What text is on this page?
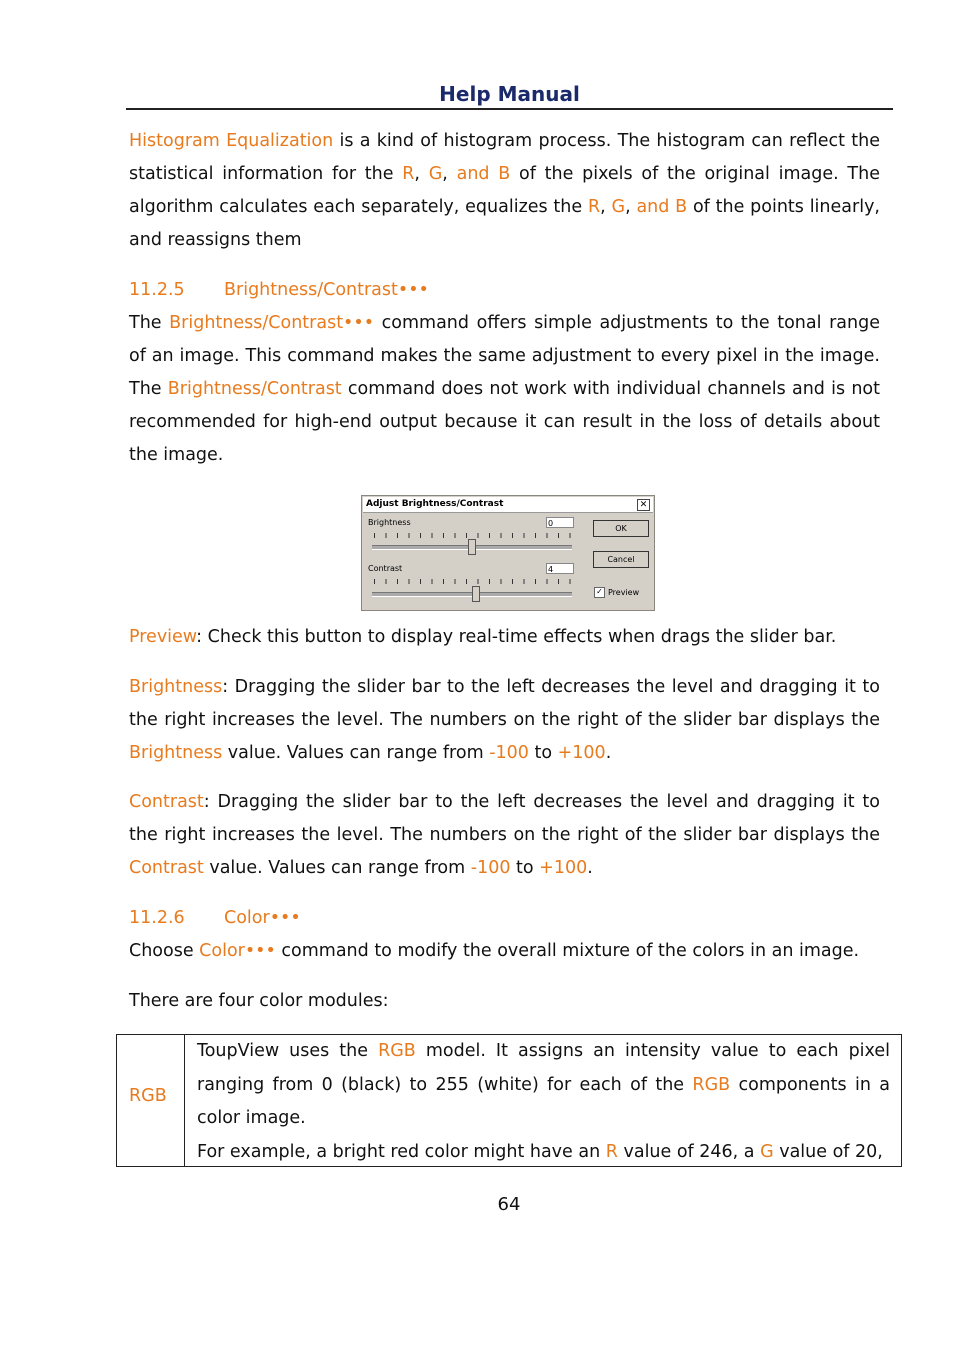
Help Manual

Histogram Equalization is a kind of histogram process. The histogram can reflect the statistical information for the R, G, and B of the pixels of the original image. The algorithm calculates each separately, equalizes the R, G, and B of the points linearly, and reassigns them

11.2.5 Brightness/Contrast•••

The Brightness/Contrast••• command offers simple adjustments to the tonal range of an image. This command makes the same adjustment to every pixel in the image. The Brightness/Contrast command does not work with individual channels and is not recommended for high-end output because it can result in the loss of details about the image.

Adjust Brightness/Contrast	✕
Brightness	0
Contrast	4
OK
Cancel
✓ Preview

Preview: Check this button to display real-time effects when drags the slider bar.

Brightness: Dragging the slider bar to the left decreases the level and dragging it to the right increases the level. The numbers on the right of the slider bar displays the Brightness value. Values can range from -100 to +100.

Contrast: Dragging the slider bar to the left decreases the level and dragging it to the right increases the level. The numbers on the right of the slider bar displays the Contrast value. Values can range from -100 to +100.

11.2.6 Color•••

Choose Color••• command to modify the overall mixture of the colors in an image.

There are four color modules:

RGB

ToupView uses the RGB model. It assigns an intensity value to each pixel ranging from 0 (black) to 255 (white) for each of the RGB components in a color image.
For example, a bright red color might have an R value of 246, a G value of 20,

64
